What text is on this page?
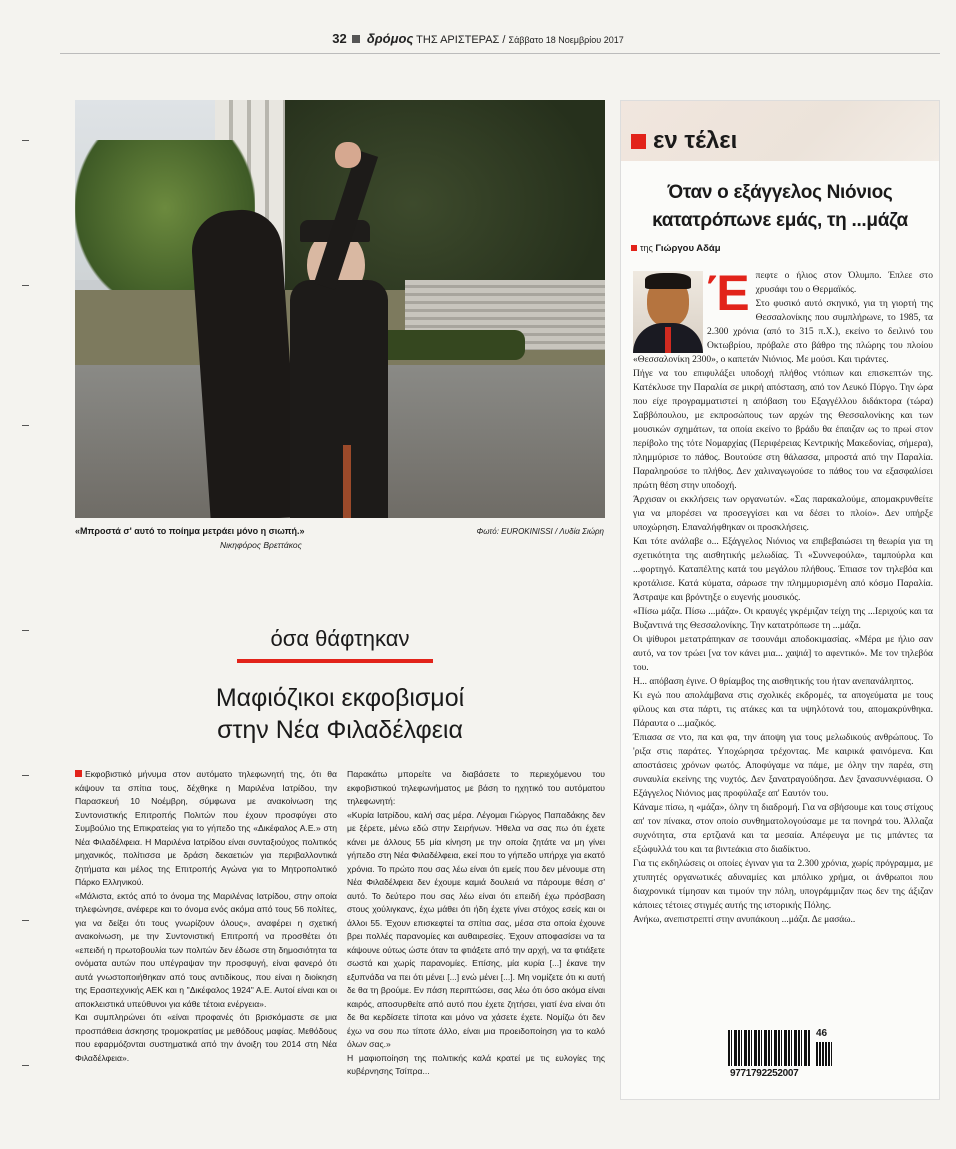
32 δρόμος ΤΗΣ ΑΡΙΣΤΕΡΑΣ / Σάββατο 18 Νοεμβρίου 2017
«Μπροστά σ' αυτό το ποίημα μετράει μόνο η σιωπή.»
Νικηφόρος Βρεττάκος
Φωτό: EUROKINISSI / Λυδία Σιώρη
όσα θάφτηκαν
Μαφιόζικοι εκφοβισμοί
στην Νέα Φιλαδέλφεια

Εκφοβιστικό μήνυμα στον αυτόματο τηλεφωνητή της, ότι θα κάψουν τα σπίτια τους, δέχθηκε η Μαριλένα Ιατρίδου, την Παρασκευή 10 Νοέμβρη, σύμφωνα με ανακοίνωση της Συντονιστικής Επιτροπής Πολιτών που έχουν προσφύγει στο Συμβούλιο της Επικρατείας για το γήπεδο της «Δικέφαλος Α.Ε.» στη Νέα Φιλαδέλφεια. Η Μαριλένα Ιατρίδου είναι συνταξιούχος πολιτικός μηχανικός, πολίτισσα με δράση δεκαετιών για περιβαλλοντικά ζητήματα και μέλος της Επιτροπής Αγώνα για το Μητροπολιτικό Πάρκο Ελληνικού.

«Μάλιστα, εκτός από το όνομα της Μαριλένας Ιατρίδου, στην οποία τηλεφώνησε, ανέφερε και το όνομα ενός ακόμα από τους 56 πολίτες, για να δείξει ότι τους γνωρίζουν όλους», αναφέρει η σχετική ανακοίνωση, με την Συντονιστική Επιτροπή να προσθέτει ότι «επειδή η πρωτοβουλία των πολιτών δεν έδωσε στη δημοσιότητα τα ονόματα αυτών που υπέγραψαν την προσφυγή, είναι φανερό ότι αυτά γνωστοποιήθηκαν από τους αντιδίκους, που είναι η διοίκηση της Ερασιτεχνικής ΑΕΚ και η "Δικέφαλος 1924" Α.Ε. Αυτοί είναι και οι αποκλειστικά υπεύθυνοι για κάθε τέτοια ενέργεια».

Και συμπληρώνει ότι «είναι προφανές ότι βρισκόμαστε σε μια προσπάθεια άσκησης τρομοκρατίας με μεθόδους μαφίας. Μεθόδους που εφαρμόζονται συστηματικά από την άνοιξη του 2014 στη Νέα Φιλαδέλφεια».

Παρακάτω μπορείτε να διαβάσετε το περιεχόμενου του εκφοβιστικού τηλεφωνήματος με βάση το ηχητικό του αυτόματου τηλεφωνητή:

«Κυρία Ιατρίδου, καλή σας μέρα. Λέγομαι Γιώργος Παπαδάκης δεν με ξέρετε, μένω εδώ στην Σειρήνων. Ήθελα να σας πω ότι έχετε κάνει με άλλους 55 μία κίνηση με την οποία ζητάτε να μη γίνει γήπεδο στη Νέα Φιλαδέλφεια, εκεί που το γήπεδο υπήρχε για εκατό χρόνια. Το πρώτο που σας λέω είναι ότι εμείς που δεν μένουμε στη Νέα Φιλαδέλφεια δεν έχουμε καμιά δουλειά να πάρουμε θέση σ' αυτό. Το δεύτερο που σας λέω είναι ότι επειδή έχω πρόσβαση στους χούλιγκανς, έχω μάθει ότι ήδη έχετε γίνει στόχος εσείς και οι άλλοι 55. Έχουν επισκεφτεί τα σπίτια σας, μέσα στα οποία έχουνε βρει πολλές παρανομίες και αυθαιρεσίες. Έχουν αποφασίσει να τα κάψουνε ούτως ώστε όταν τα φτιάξετε από την αρχή, να τα φτιάξετε σωστά και χωρίς παρανομίες. Επίσης, μία κυρία [...] έκανε την εξυπνάδα να πει ότι μένει [...] ενώ μένει [...]. Μη νομίζετε ότι κι αυτή δε θα τη βρούμε. Εν πάση περιπτώσει, σας λέω ότι όσο ακόμα είναι καιρός, αποσυρθείτε από αυτό που έχετε ζητήσει, γιατί ένα είναι ότι δε θα κερδίσετε τίποτα και μόνο να χάσετε έχετε. Νομίζω ότι δεν έχω να σου πω τίποτε άλλο, είναι μια προειδοποίηση για το καλό όλων σας.»

Η μαφιοποίηση της πολιτικής καλά κρατεί με τις ευλογίες της κυβέρνησης Τσίπρα...

εν τέλει
Όταν ο εξάγγελος Νιόνιος
κατατρόπωνε εμάς, τη ...μάζα
της Γιώργου Αδάμ

Έπεφτε ο ήλιος στον Όλυμπο. Έπλεε στο χρυσάφι του ο Θερμαϊκός.

Στο φυσικό αυτό σκηνικό, για τη γιορτή της Θεσσαλονίκης που συμπλήρωνε, το 1985, τα 2.300 χρόνια (από το 315 π.Χ.), εκείνο το δειλινό του Οκτωβρίου, πρόβαλε στο βάθρο της πλώρης του πλοίου «Θεσσαλονίκη 2300», ο καπετάν Νιόνιος. Με μούσι. Και τιράντες.

Πήγε να του επιφυλάξει υποδοχή πλήθος ντόπιων και επισκεπτών της. Κατέκλυσε την Παραλία σε μικρή απόσταση, από τον Λευκό Πύργο. Την ώρα που είχε προγραμματιστεί η απόβαση του Εξαγγέλλου διδάκτορα (τώρα) Σαββόπουλου, με εκπροσώπους των αρχών της Θεσσαλονίκης και των μουσικών σχημάτων, τα οποία εκείνο το βράδυ θα έπαιζαν ως το πρωί στον περίβολο της τότε Νομαρχίας (Περιφέρειας Κεντρικής Μακεδονίας, σήμερα), πλημμύρισε το πάθος. Βουτούσε στη θάλασσα, μπροστά από την Παραλία. Παραληρούσε το πλήθος. Δεν χαλιναγωγούσε το πάθος του να εξασφαλίσει πρώτη θέση στην υποδοχή.

Άρχισαν οι εκκλήσεις των οργανωτών. «Σας παρακαλούμε, απομακρυνθείτε για να μπορέσει να προσεγγίσει και να δέσει το πλοίο». Δεν υπήρξε υποχώρηση. Επαναλήφθηκαν οι προσκλήσεις.

Και τότε ανάλαβε ο... Εξάγγελος Νιόνιος να επιβεβαιώσει τη θεωρία για τη σχετικότητα της αισθητικής μελωδίας. Τι «Συννεφούλα», ταμπούρλα και ...φορτηγό. Καταπέλτης κατά του μεγάλου πλήθους. Έπιασε τον τηλεβόα και κροτάλισε. Κατά κύματα, σάρωσε την πλημμυρισμένη από κόσμο Παραλία. Άστραψε και βρόντηξε ο ευγενής μουσικός.

«Πίσω μάζα. Πίσω ...μάζα». Οι κραυγές γκρέμιζαν τείχη της ...Ιεριχούς και τα Βυζαντινά της Θεσσαλονίκης. Την κατατρόπωσε τη ...μάζα.

Οι ψίθυροι μετατράπηκαν σε τσουνάμι αποδοκιμασίας. «Μέρα με ήλιο σαν αυτό, να τον τρώει [να τον κάνει μια... χαψιά] το αφεντικό». Με τον τηλεβόα του.

Η... απόβαση έγινε. Ο θρίαμβος της αισθητικής του ήταν ανεπανάληπτος.

Κι εγώ που απολάμβανα στις σχολικές εκδρομές, τα απογεύματα με τους φίλους και στα πάρτι, τις ατάκες και τα υψηλότονά του, απομακρύνθηκα. Πάραυτα ο ...μαζικός.

Έπιασα σε ντο, πα και φα, την άποψη για τους μελωδικούς ανθρώπους. Το 'ριξα στις παράτες. Υποχώρησα τρέχοντας. Με καιρικά φαινόμενα. Και αποστάσεις χρόνων φωτός. Αποφύγαμε να πάμε, με όλην την παρέα, στη συναυλία εκείνης της νυχτός. Δεν ξανατραγούδησα. Δεν ξανασυννέφιασα. Ο Εξάγγελος Νιόνιος μας προφύλαξε απ' Εαυτόν του.

Κάναμε πίσω, η «μάζα», όλην τη διαδρομή. Για να σβήσουμε και τους στίχους απ' τον πίνακα, στον οποίο συνθηματολογούσαμε με τα πονηρά του. Άλλαζα συχνότητα, στα ερτζιανά και τα μεσαία. Απέφευγα με τις μπάντες τα εξώφυλλά του και τα βιντεάκια στο διαδίκτυο.

Για τις εκδηλώσεις οι οποίες έγιναν για τα 2.300 χρόνια, χωρίς πρόγραμμα, με χτυπητές οργανωτικές αδυναμίες και μπόλικο χρήμα, οι άνθρωποι που διαχρονικά τίμησαν και τιμούν την πόλη, υπογράμμιζαν πως δεν της άξιζαν κάποιες τέτοιες στιγμές αυτής της ιστορικής Πόλης.

Ανήκω, ανεπιστρεπτί στην ανυπάκουη ...μάζα. Δε μασάω..

9771792252007
46
